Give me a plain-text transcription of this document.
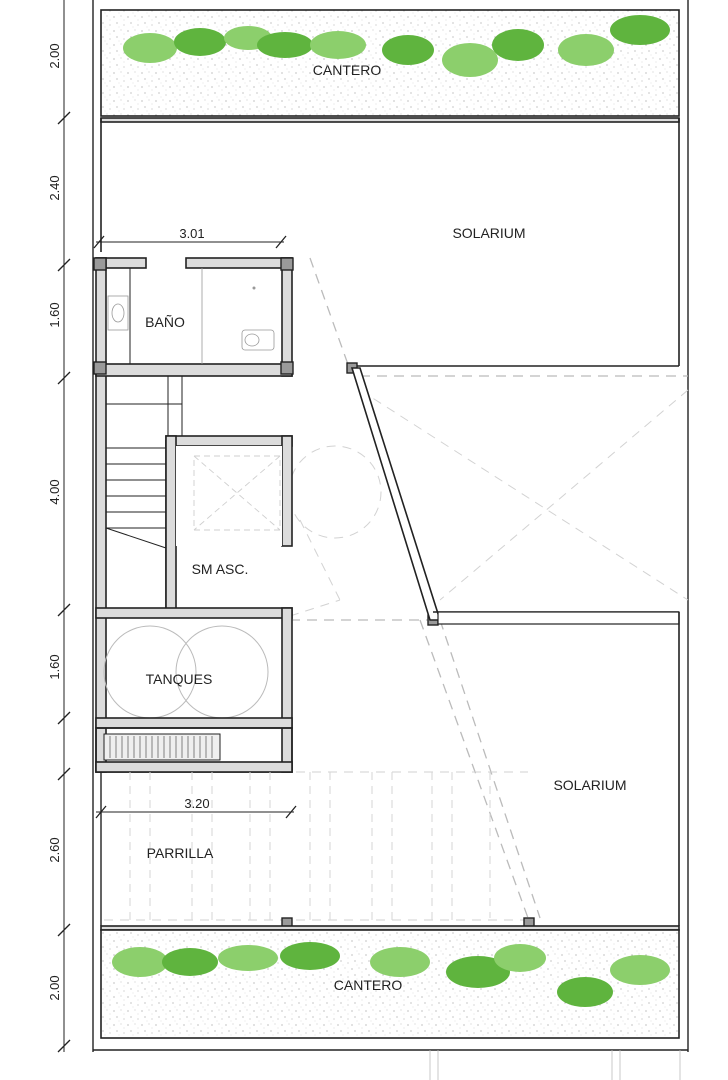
2.00
2.40
1.60
4.00
1.60
2.60
2.00
CANTERO
SOLARIUM
3.01
BAÑO
SM ASC.
TANQUES
3.20
PARRILLA
SOLARIUM
CANTERO
